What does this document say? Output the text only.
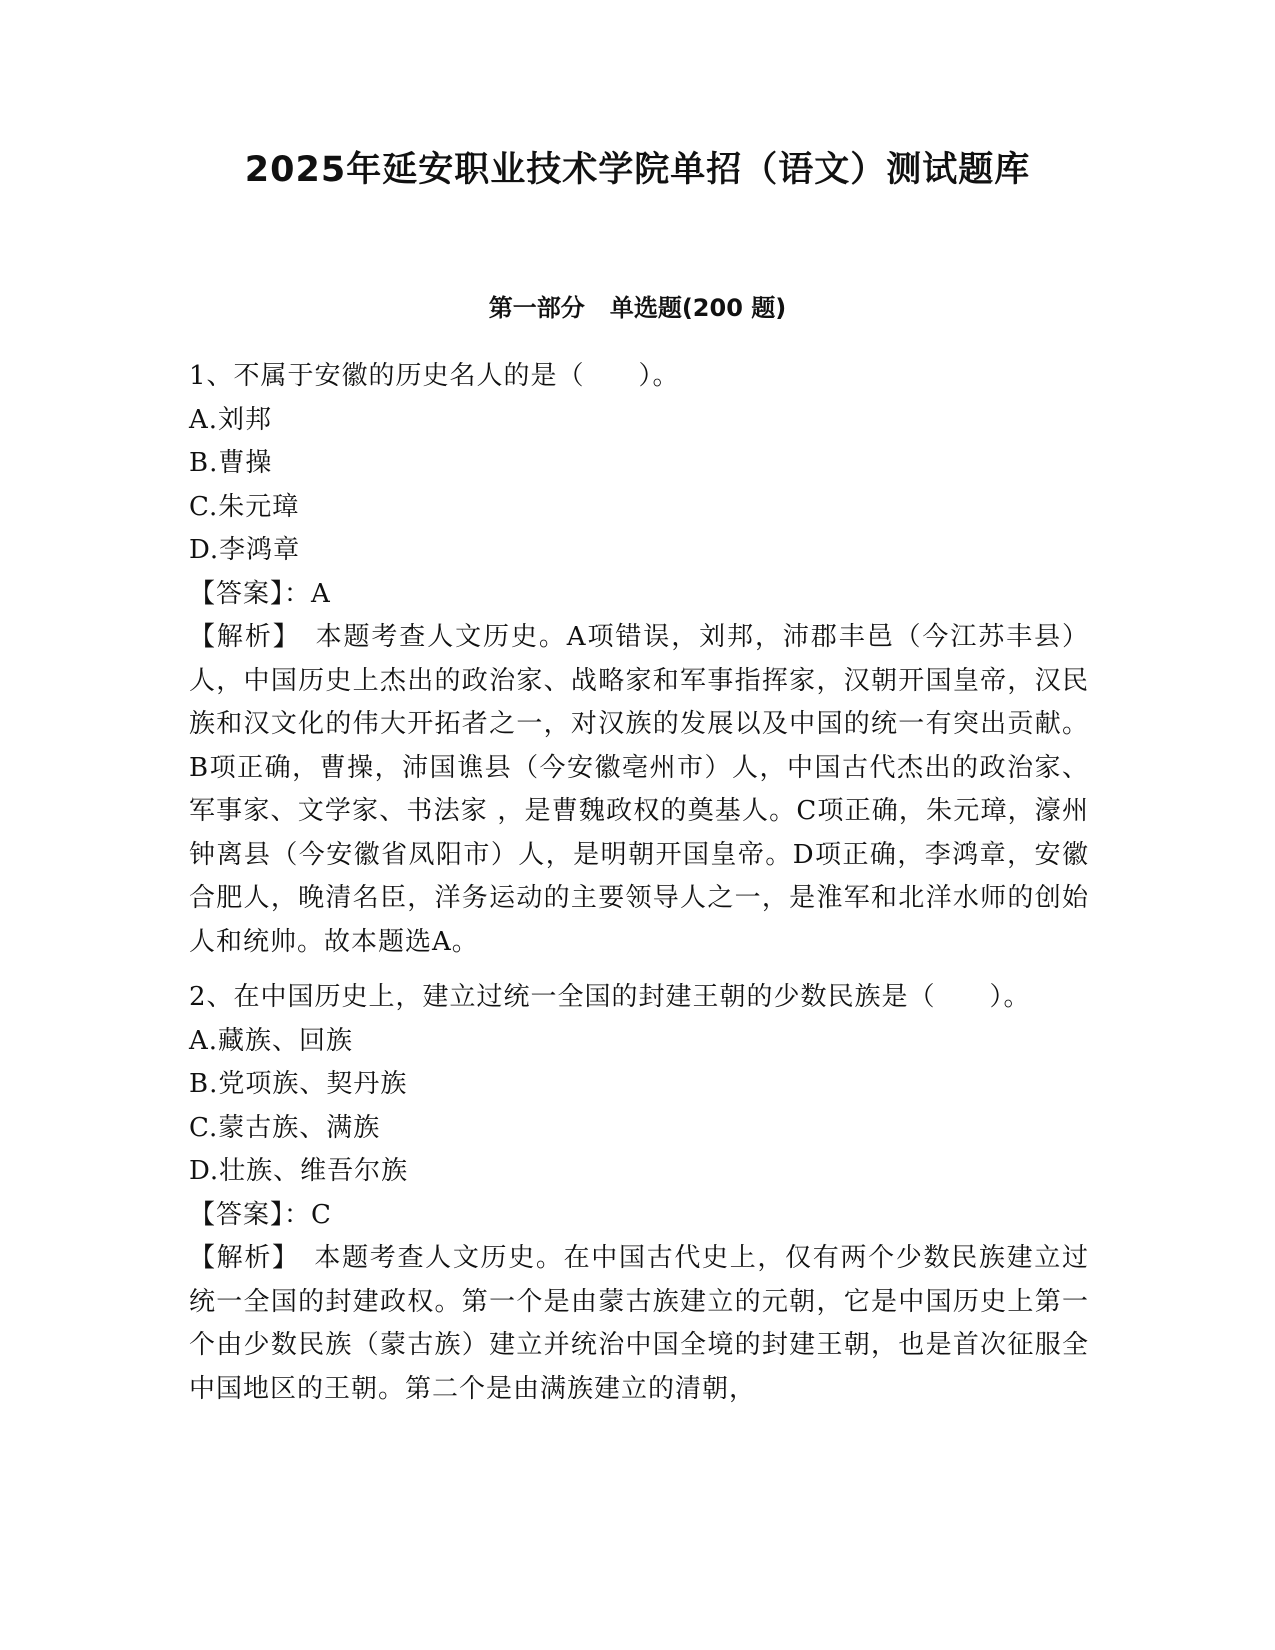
2025年延安职业技术学院单招（语文）测试题库
第一部分   单选题(200 题)

1、不属于安徽的历史名人的是（　　）。

A.刘邦

B.曹操

C.朱元璋

D.李鸿章

【答案】：A

【解析】　本题考查人文历史。A项错误，刘邦，沛郡丰邑（今江苏丰县）人，中国历史上杰出的政治家、战略家和军事指挥家，汉朝开国皇帝，汉民族和汉文化的伟大开拓者之一，对汉族的发展以及中国的统一有突出贡献。B项正确，曹操，沛国谯县（今安徽亳州市）人，中国古代杰出的政治家、军事家、文学家、书法家 ，是曹魏政权的奠基人。C项正确，朱元璋，濠州钟离县（今安徽省凤阳市）人，是明朝开国皇帝。D项正确，李鸿章，安徽合肥人，晚清名臣，洋务运动的主要领导人之一，是淮军和北洋水师的创始人和统帅。故本题选A。

2、在中国历史上，建立过统一全国的封建王朝的少数民族是（　　）。

A.藏族、回族

B.党项族、契丹族

C.蒙古族、满族

D.壮族、维吾尔族

【答案】：C

【解析】　本题考查人文历史。在中国古代史上，仅有两个少数民族建立过统一全国的封建政权。第一个是由蒙古族建立的元朝，它是中国历史上第一个由少数民族（蒙古族）建立并统治中国全境的封建王朝，也是首次征服全中国地区的王朝。第二个是由满族建立的清朝，
